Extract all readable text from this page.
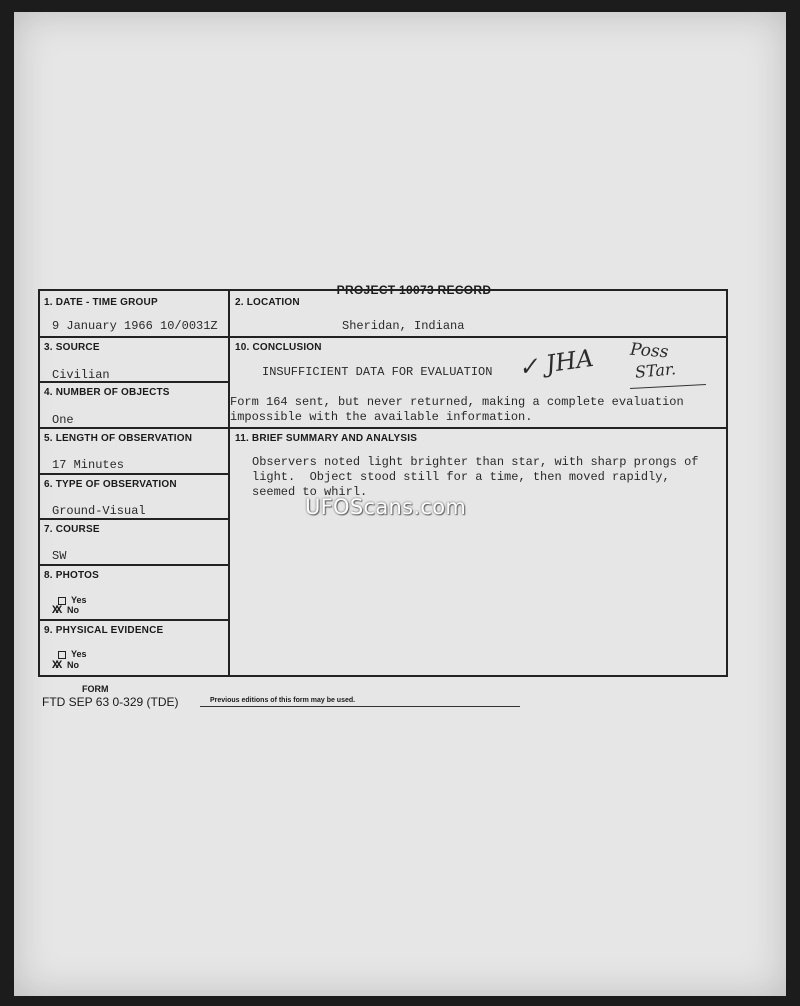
PROJECT 10073 RECORD
1. DATE - TIME GROUP
9 January 1966 10/0031Z
2. LOCATION
Sheridan, Indiana
3. SOURCE
Civilian
10. CONCLUSION
INSUFFICIENT DATA FOR EVALUATION ✓ JHA Poss
STar.
4. NUMBER OF OBJECTS
One
Form 164 sent, but never returned, making a complete evaluation
impossible with the available information.
5. LENGTH OF OBSERVATION
17 Minutes
11. BRIEF SUMMARY AND ANALYSIS
Observers noted light brighter than star, with sharp prongs of
light.  Object stood still for a time, then moved rapidly,
seemed to whirl.
6. TYPE OF OBSERVATION
Ground-Visual
7. COURSE
SW
8. PHOTOS
Yes
XX No
9. PHYSICAL EVIDENCE
Yes
XX No
FORM
FTD SEP 63 0-329 (TDE)	Previous editions of this form may be used.
UFOScans.com
